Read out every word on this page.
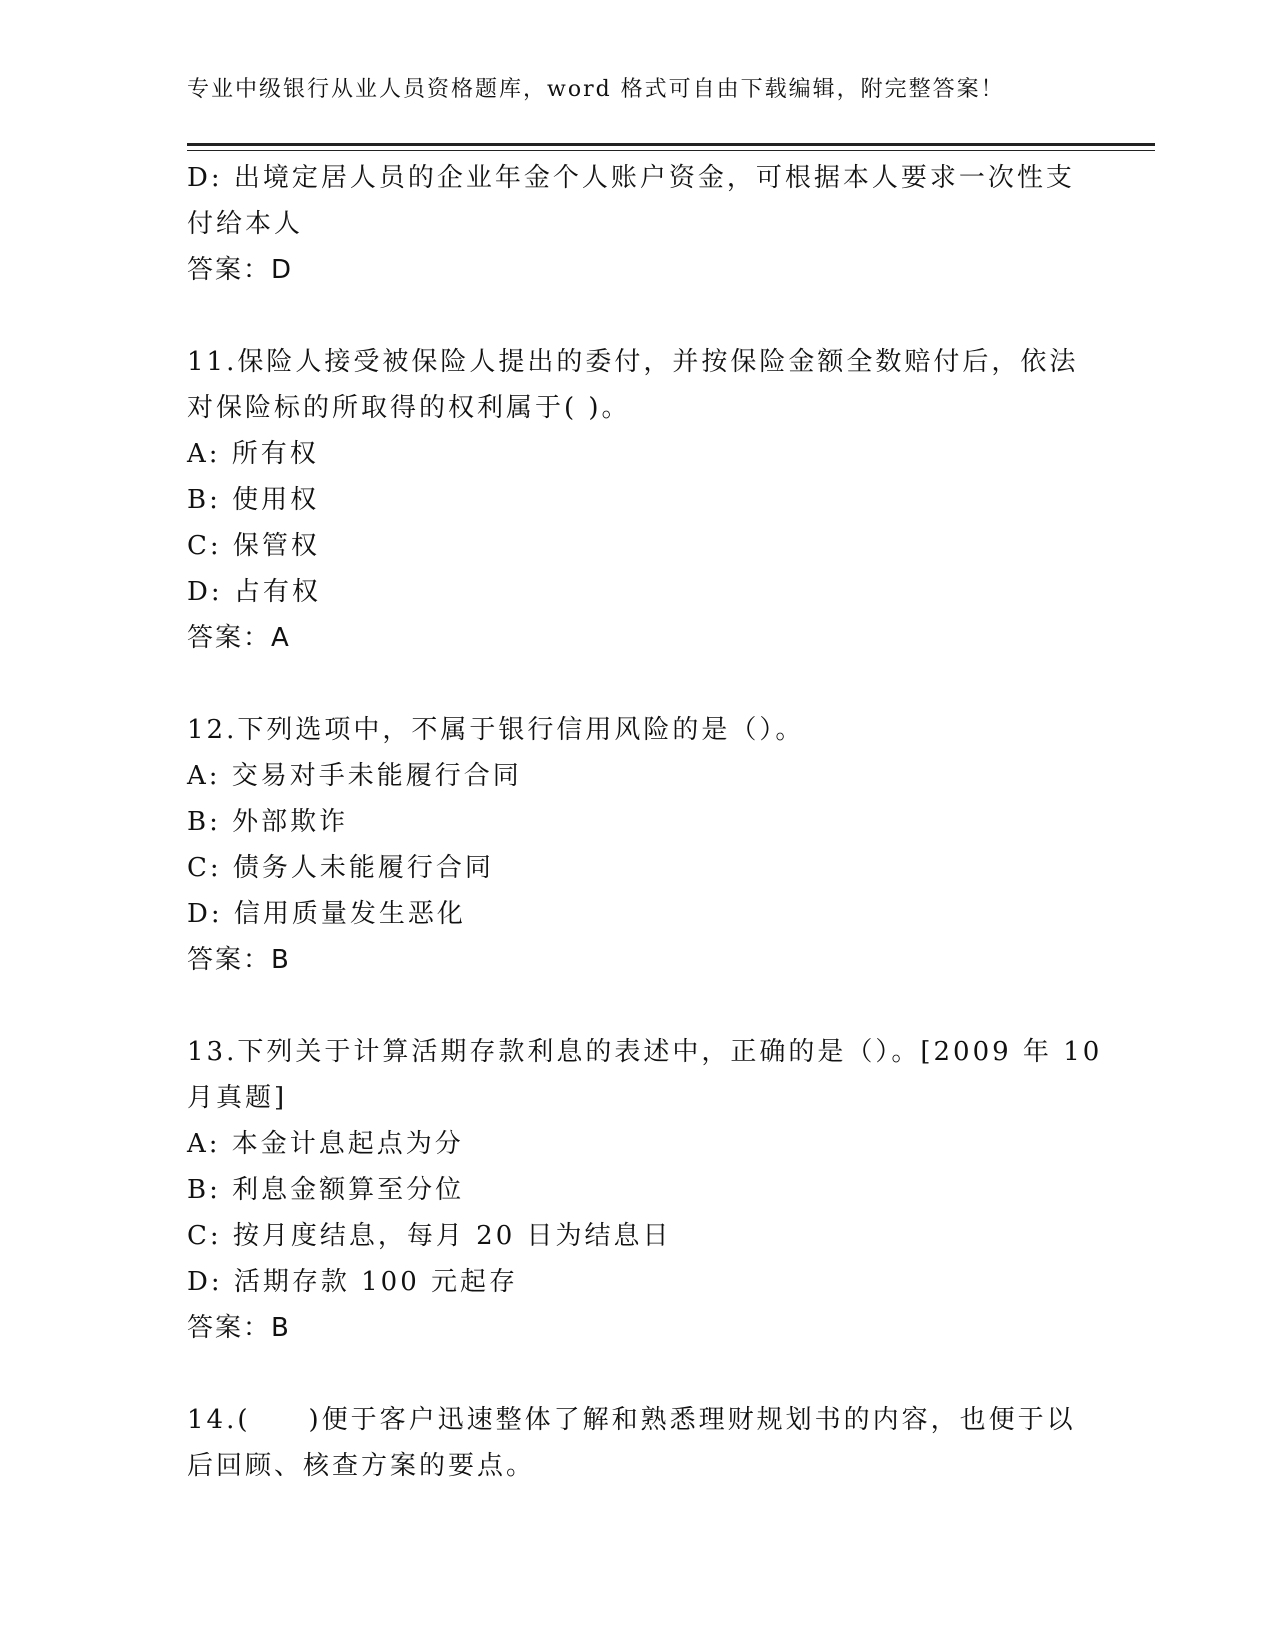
专业中级银行从业人员资格题库，word 格式可自由下载编辑，附完整答案！
D: 出境定居人员的企业年金个人账户资金，可根据本人要求一次性支
付给本人
答案：D
11.保险人接受被保险人提出的委付，并按保险金额全数赔付后，依法
对保险标的所取得的权利属于( )。
A: 所有权
B: 使用权
C: 保管权
D: 占有权
答案：A
12.下列选项中，不属于银行信用风险的是（）。
A: 交易对手未能履行合同
B: 外部欺诈
C: 债务人未能履行合同
D: 信用质量发生恶化
答案：B
13.下列关于计算活期存款利息的表述中，正确的是（）。[2009 年 10
月真题]
A: 本金计息起点为分
B: 利息金额算至分位
C: 按月度结息，每月 20 日为结息日
D: 活期存款 100 元起存
答案：B
14.(　　)便于客户迅速整体了解和熟悉理财规划书的内容，也便于以
后回顾、核查方案的要点。
